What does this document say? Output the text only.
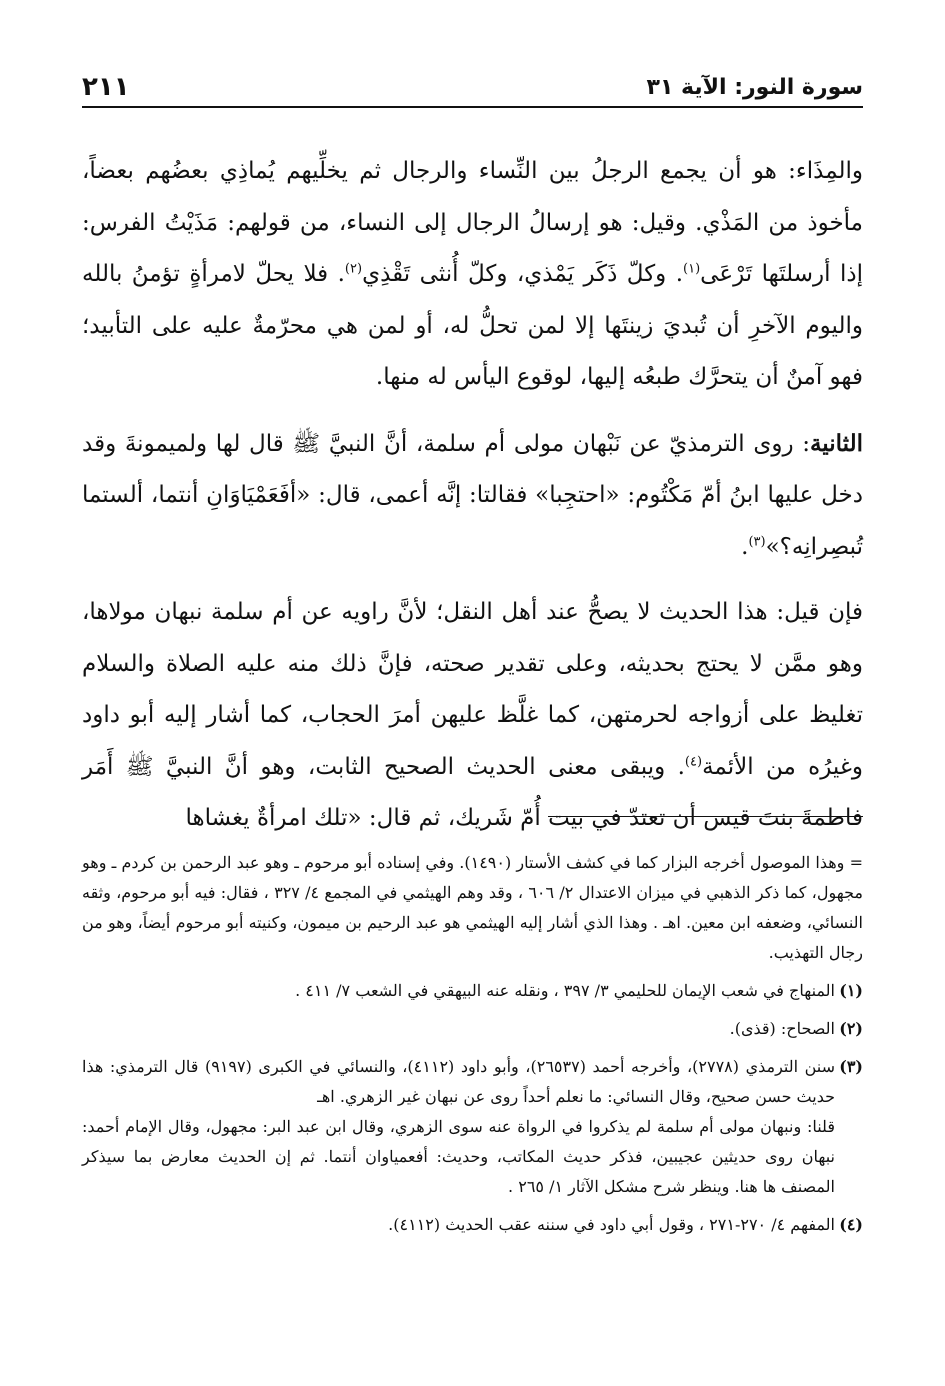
سورة النور: الآية ٣١
٢١١

والمِذَاء: هو أن يجمع الرجلُ بين النِّساء والرجال ثم يخلِّيهم يُماذِي بعضُهم بعضاً، مأخوذ من المَذْي. وقيل: هو إرسالُ الرجال إلى النساء، من قولهم: مَذَيْتُ الفرس: إذا أرسلتَها تَرْعَى$^{(١)}$. وكلّ ذَكَر يَمْذي، وكلّ أُنثى تَقْذِي$^{(٢)}$. فلا يحلّ لامرأةٍ تؤمنُ بالله واليوم الآخرِ أن تُبديَ زينتَها إلا لمن تحلُّ له، أو لمن هي محرّمةٌ عليه على التأبيد؛ فهو آمنٌ أن يتحرَّك طبعُه إليها، لوقوع اليأس له منها.

الثانية: روى الترمذيّ عن نَبْهان مولى أم سلمة، أنَّ النبيَّ ﷺ قال لها ولميمونةَ وقد دخل عليها ابنُ أمّ مَكْتُوم: «احتجِبا» فقالتا: إنَّه أعمى، قال: «أفَعَمْيَاوَانِ أنتما، ألستما تُبصِرانِه؟»$^{(٣)}$.

فإن قيل: هذا الحديث لا يصحُّ عند أهل النقل؛ لأنَّ راويه عن أم سلمة نبهان مولاها، وهو ممَّن لا يحتج بحديثه، وعلى تقدير صحته، فإنَّ ذلك منه عليه الصلاة والسلام تغليظ على أزواجه لحرمتهن، كما غلَّظ عليهن أمرَ الحجاب، كما أشار إليه أبو داود وغيرُه من الأئمة$^{(٤)}$. ويبقى معنى الحديث الصحيح الثابت، وهو أنَّ النبيَّ ﷺ أَمَر فاطمةَ بنتَ قيس أن تعتدّ في بيت أُمّ شَريك، ثم قال: «تلك امرأةٌ يغشاها

= وهذا الموصول أخرجه البزار كما في كشف الأستار (١٤٩٠). وفي إسناده أبو مرحوم ـ وهو عبد الرحمن بن كردم ـ وهو مجهول، كما ذكر الذهبي في ميزان الاعتدال ٢/ ٦٠٦ ، وقد وهم الهيثمي في المجمع ٤/ ٣٢٧ ، فقال: فيه أبو مرحوم، وثقه النسائي، وضعفه ابن معين. اهـ . وهذا الذي أشار إليه الهيثمي هو عبد الرحيم بن ميمون، وكنيته أبو مرحوم أيضاً، وهو من رجال التهذيب.

(١)

المنهاج في شعب الإيمان للحليمي ٣/ ٣٩٧ ، ونقله عنه البيهقي في الشعب ٧/ ٤١١ .

(٢)

الصحاح: (قذى).

(٣)

سنن الترمذي (٢٧٧٨)، وأخرجه أحمد (٢٦٥٣٧)، وأبو داود (٤١١٢)، والنسائي في الكبرى (٩١٩٧) قال الترمذي: هذا حديث حسن صحيح، وقال النسائي: ما نعلم أحداً روى عن نبهان غير الزهري. اهـ

قلنا: ونبهان مولى أم سلمة لم يذكروا في الرواة عنه سوى الزهري، وقال ابن عبد البر: مجهول، وقال الإمام أحمد: نبهان روى حديثين عجيبين، فذكر حديث المكاتب، وحديث: أفعمياوان أنتما. ثم إن الحديث معارض بما سيذكر المصنف ها هنا. وينظر شرح مشكل الآثار ١/ ٢٦٥ .

(٤)

المفهم ٤/ ٢٧٠-٢٧١ ، وقول أبي داود في سننه عقب الحديث (٤١١٢).
